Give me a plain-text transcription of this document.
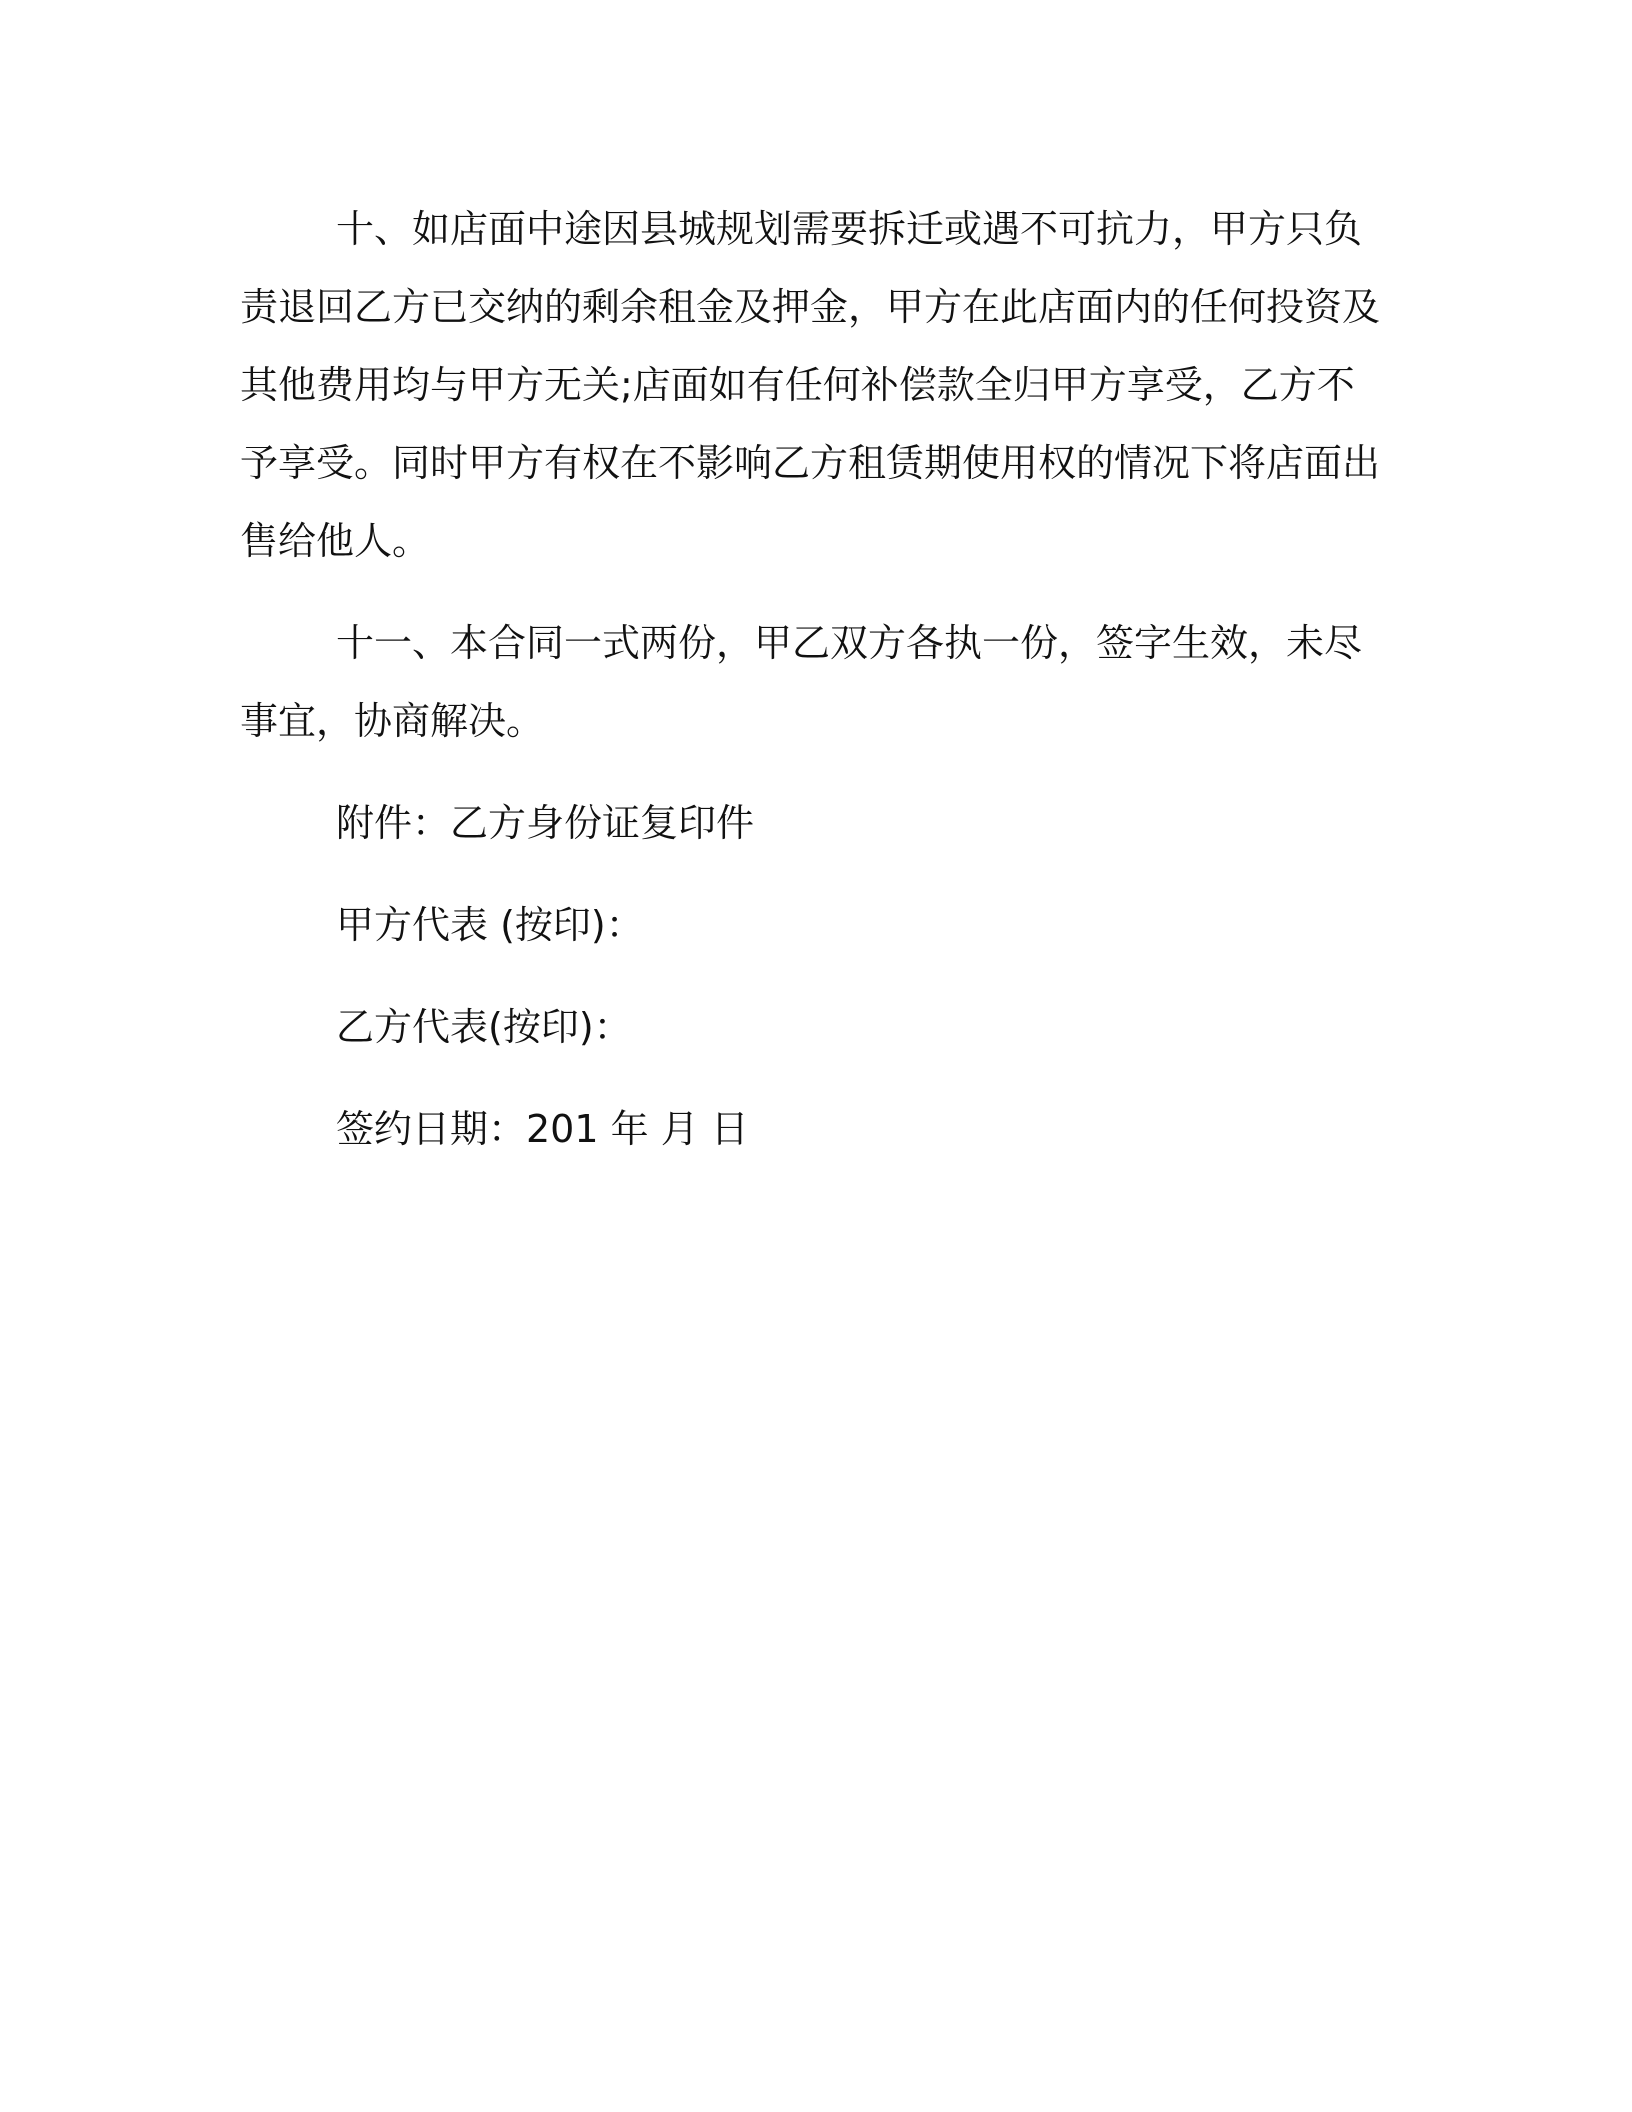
十、如店面中途因县城规划需要拆迁或遇不可抗力，甲方只负责退回乙方已交纳的剩余租金及押金，甲方在此店面内的任何投资及其他费用均与甲方无关;店面如有任何补偿款全归甲方享受，乙方不予享受。同时甲方有权在不影响乙方租赁期使用权的情况下将店面出售给他人。

十一、本合同一式两份，甲乙双方各执一份，签字生效，未尽事宜，协商解决。

附件：乙方身份证复印件

甲方代表 (按印)：

乙方代表(按印)：

签约日期：201 年 月 日
